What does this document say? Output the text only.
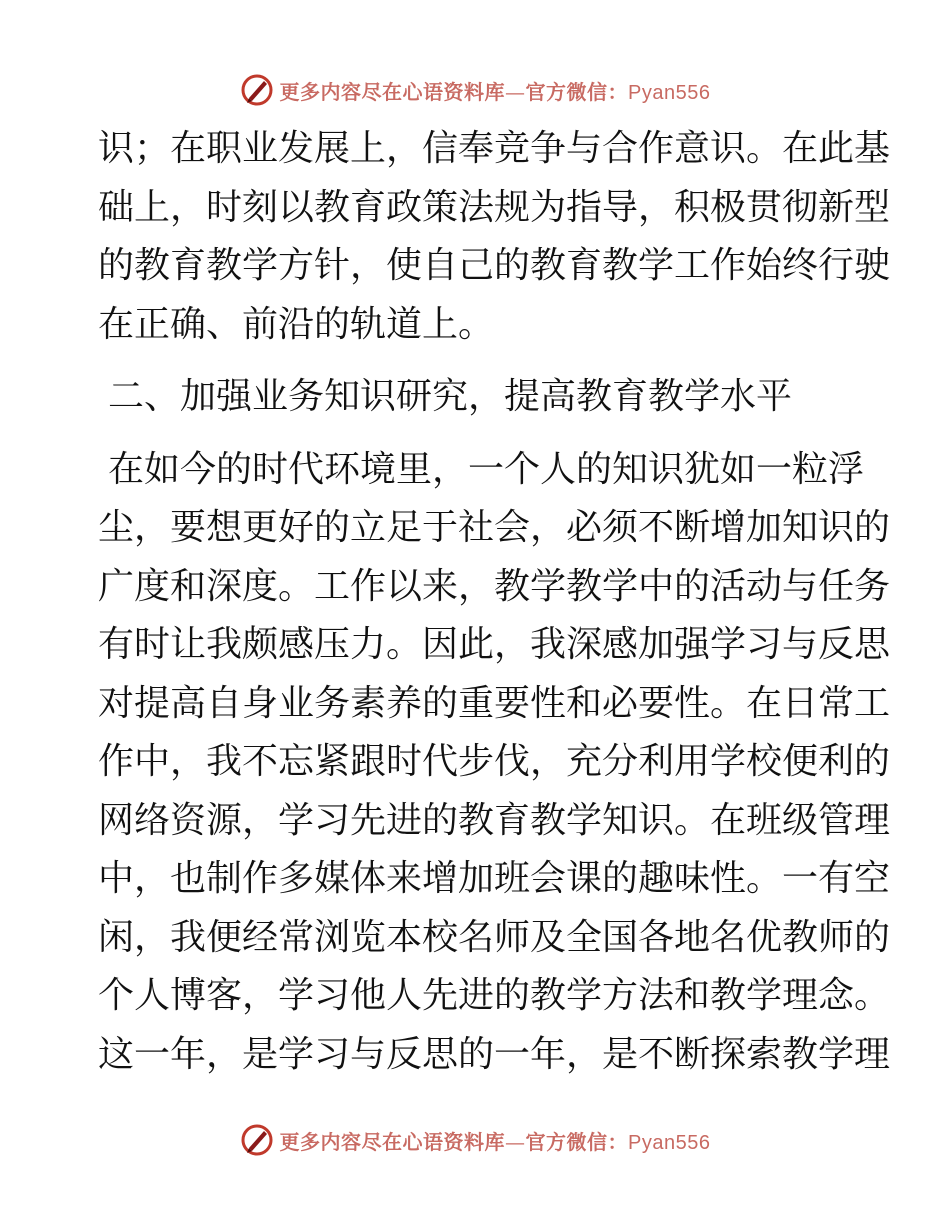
更多内容尽在心语资料库—官方微信：Pyan556
识；在职业发展上，信奉竞争与合作意识。在此基
础上，时刻以教育政策法规为指导，积极贯彻新型
的教育教学方针，使自己的教育教学工作始终行驶
在正确、前沿的轨道上。
二、加强业务知识研究，提高教育教学水平
在如今的时代环境里，一个人的知识犹如一粒浮
尘，要想更好的立足于社会，必须不断增加知识的
广度和深度。工作以来，教学教学中的活动与任务
有时让我颇感压力。因此，我深感加强学习与反思
对提高自身业务素养的重要性和必要性。在日常工
作中，我不忘紧跟时代步伐，充分利用学校便利的
网络资源，学习先进的教育教学知识。在班级管理
中，也制作多媒体来增加班会课的趣味性。一有空
闲，我便经常浏览本校名师及全国各地名优教师的
个人博客，学习他人先进的教学方法和教学理念。
这一年，是学习与反思的一年，是不断探索教学理
更多内容尽在心语资料库—官方微信：Pyan556
